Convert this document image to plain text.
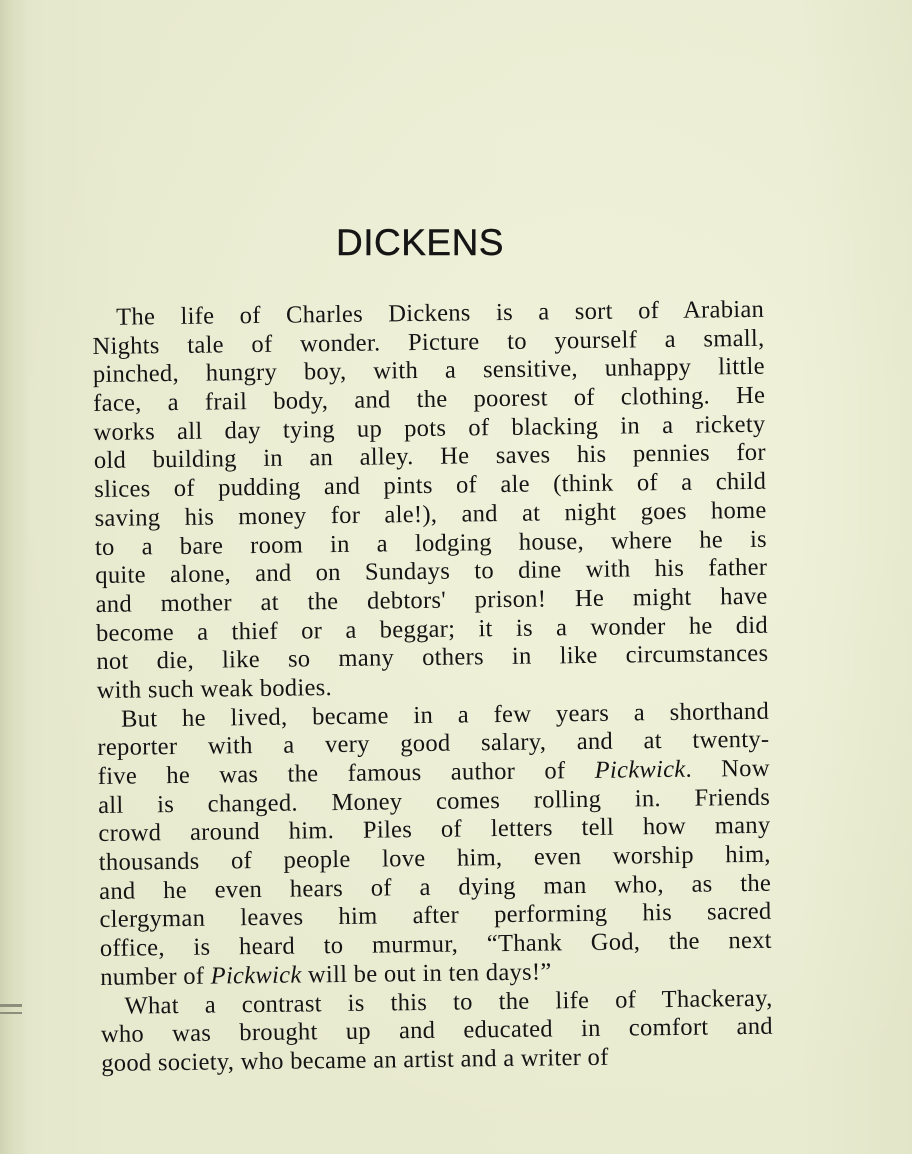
DICKENS
The life of Charles Dickens is a sort of Arabian
Nights tale of wonder. Picture to yourself a small,
pinched, hungry boy, with a sensitive, unhappy little
face, a frail body, and the poorest of clothing. He
works all day tying up pots of blacking in a rickety
old building in an alley. He saves his pennies for
slices of pudding and pints of ale (think of a child
saving his money for ale!), and at night goes home
to a bare room in a lodging house, where he is
quite alone, and on Sundays to dine with his father
and mother at the debtors' prison! He might have
become a thief or a beggar; it is a wonder he did
not die, like so many others in like circumstances
with such weak bodies.
But he lived, became in a few years a shorthand
reporter with a very good salary, and at twenty-
five he was the famous author of Pickwick. Now
all is changed. Money comes rolling in. Friends
crowd around him. Piles of letters tell how many
thousands of people love him, even worship him,
and he even hears of a dying man who, as the
clergyman leaves him after performing his sacred
office, is heard to murmur, “Thank God, the next
number of Pickwick will be out in ten days!”
What a contrast is this to the life of Thackeray,
who was brought up and educated in comfort and
good society, who became an artist and a writer of
